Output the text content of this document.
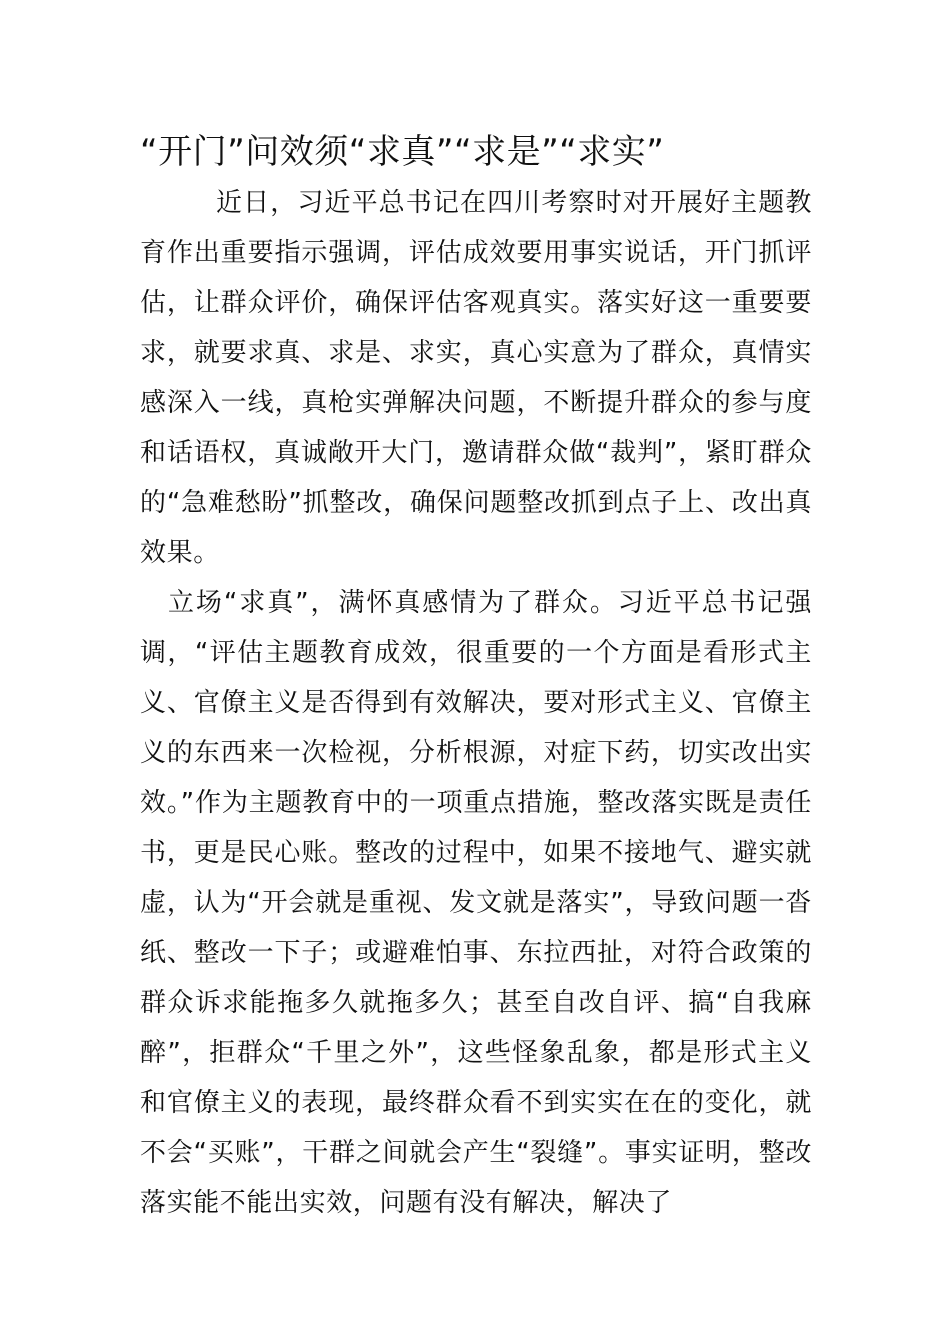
“开门”问效须“求真”“求是”“求实”

近日，习近平总书记在四川考察时对开展好主题教育作出重要指示强调，评估成效要用事实说话，开门抓评估，让群众评价，确保评估客观真实。落实好这一重要要求，就要求真、求是、求实，真心实意为了群众，真情实感深入一线，真枪实弹解决问题，不断提升群众的参与度和话语权，真诚敞开大门，邀请群众做“裁判”，紧盯群众的“急难愁盼”抓整改，确保问题整改抓到点子上、改出真效果。

立场“求真”，满怀真感情为了群众。习近平总书记强调，“评估主题教育成效，很重要的一个方面是看形式主义、官僚主义是否得到有效解决，要对形式主义、官僚主义的东西来一次检视，分析根源，对症下药，切实改出实效。”作为主题教育中的一项重点措施，整改落实既是责任书，更是民心账。整改的过程中，如果不接地气、避实就虚，认为“开会就是重视、发文就是落实”，导致问题一沓纸、整改一下子；或避难怕事、东拉西扯，对符合政策的群众诉求能拖多久就拖多久；甚至自改自评、搞“自我麻醉”，拒群众“千里之外”，这些怪象乱象，都是形式主义和官僚主义的表现，最终群众看不到实实在在的变化，就不会“买账”，干群之间就会产生“裂缝”。事实证明，整改落实能不能出实效，问题有没有解决，解决了
